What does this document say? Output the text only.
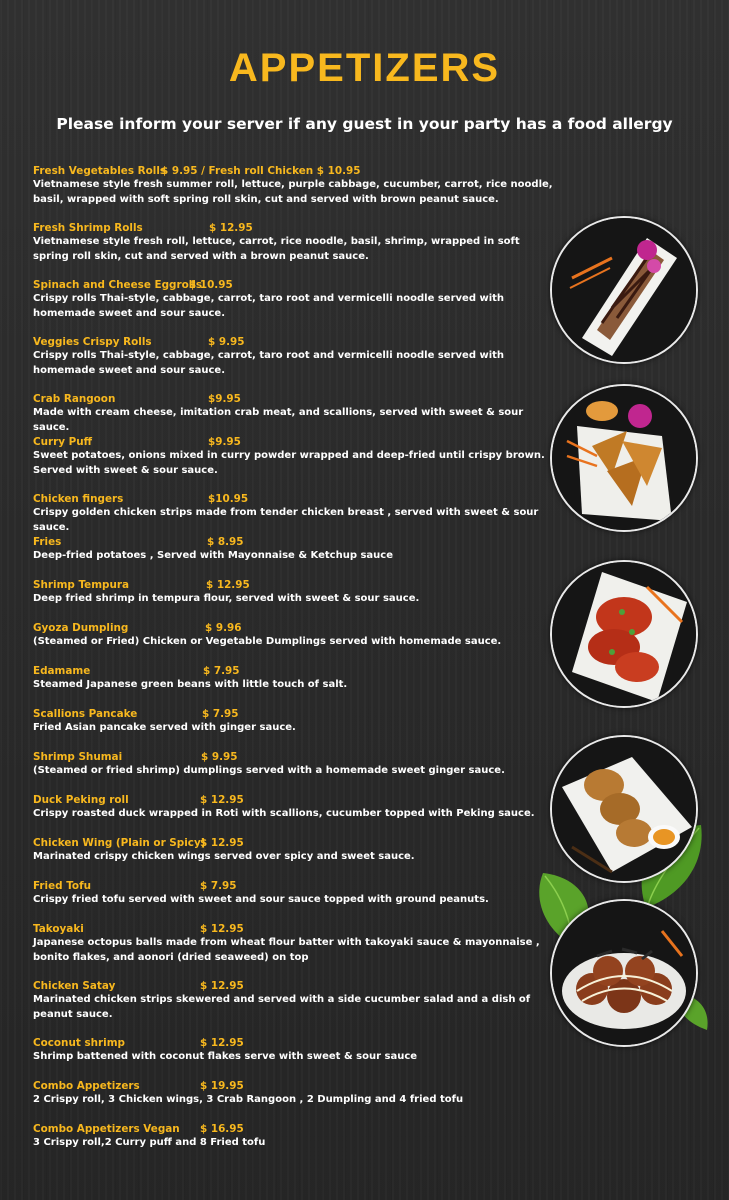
APPETIZERS

Please inform your server if any guest in your party has a food allergy

Fresh Vegetables Rolls
$ 9.95 / Fresh roll Chicken $ 10.95

Vietnamese style fresh summer roll, lettuce, purple cabbage, cucumber, carrot, rice noodle, basil, wrapped with soft spring roll skin, cut and served with brown peanut sauce.

Fresh Shrimp Rolls	$ 12.95

Vietnamese style fresh roll, lettuce, carrot, rice noodle, basil, shrimp, wrapped in soft spring roll skin, cut and served with a brown peanut sauce.

Spinach and Cheese Eggrolls
$ 10.95

Crispy rolls Thai-style, cabbage, carrot, taro root and vermicelli noodle served with homemade sweet and sour sauce.

Veggies Crispy Rolls	$ 9.95

Crispy rolls Thai-style, cabbage, carrot, taro root and vermicelli noodle served with homemade sweet and sour sauce.

Crab Rangoon	$9.95

Made with cream cheese, imitation crab meat, and scallions, served with sweet & sour sauce.

Curry Puff	$9.95

Sweet potatoes, onions mixed in curry powder wrapped and deep-fried until crispy brown. Served with sweet & sour sauce.

Chicken fingers	$10.95

Crispy golden chicken strips made from tender chicken breast , served with sweet & sour sauce.

Fries	$ 8.95

Deep-fried potatoes , Served with Mayonnaise & Ketchup sauce

Shrimp Tempura	$ 12.95

Deep fried shrimp in tempura flour, served with sweet & sour sauce.

Gyoza Dumpling	$ 9.96

(Steamed or Fried) Chicken or Vegetable Dumplings served with homemade sauce.

Edamame	$ 7.95

Steamed Japanese green beans with little touch of salt.

Scallions Pancake	$ 7.95

Fried Asian pancake served with ginger sauce.

Shrimp Shumai	$ 9.95

(Steamed or fried shrimp) dumplings served with a homemade sweet ginger sauce.

Duck Peking roll	$ 12.95

Crispy roasted duck wrapped in Roti with scallions, cucumber topped with Peking sauce.

Chicken Wing (Plain or Spicy)
$ 12.95

Marinated crispy chicken wings served over spicy and sweet sauce.

Fried Tofu	$ 7.95

Crispy fried tofu served with sweet and sour sauce topped with ground peanuts.

Takoyaki	$ 12.95

Japanese octopus balls made from wheat flour batter with takoyaki sauce & mayonnaise , bonito flakes, and aonori (dried seaweed) on top

Chicken Satay	$ 12.95

Marinated chicken strips skewered and served with a side cucumber salad and a dish of peanut sauce.

Coconut shrimp	$ 12.95

Shrimp battened with coconut flakes serve with sweet & sour sauce

Combo Appetizers	$ 19.95

2 Crispy roll, 3 Chicken wings, 3 Crab Rangoon , 2 Dumpling and 4 fried tofu

Combo Appetizers Vegan $ 16.95

3 Crispy roll,2 Curry puff and 8 Fried tofu
